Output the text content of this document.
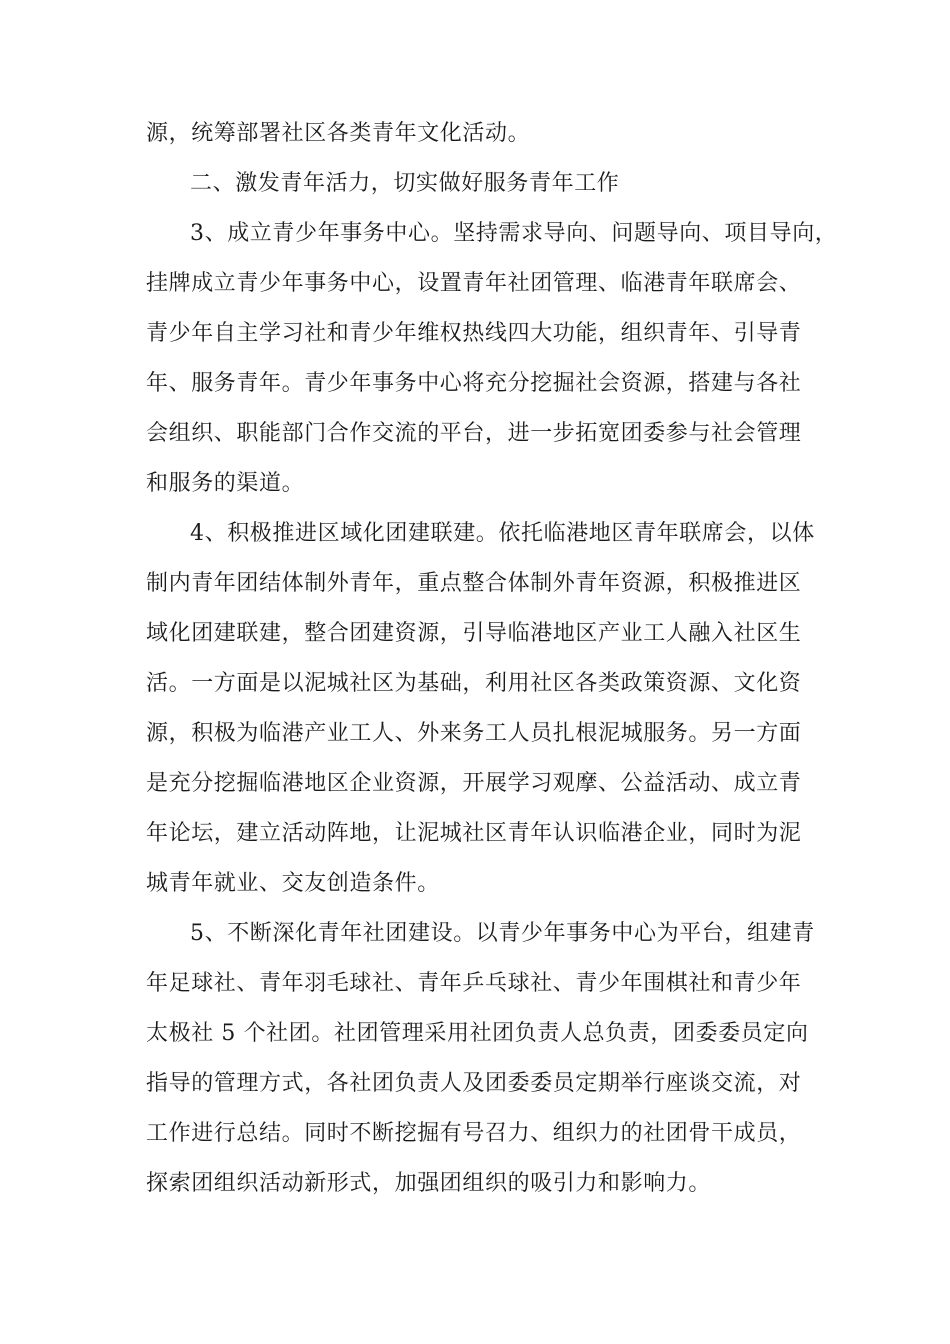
源，统筹部署社区各类青年文化活动。
二、激发青年活力，切实做好服务青年工作
3、成立青少年事务中心。坚持需求导向、问题导向、项目导向，
挂牌成立青少年事务中心，设置青年社团管理、临港青年联席会、
青少年自主学习社和青少年维权热线四大功能，组织青年、引导青
年、服务青年。青少年事务中心将充分挖掘社会资源，搭建与各社
会组织、职能部门合作交流的平台，进一步拓宽团委参与社会管理
和服务的渠道。
4、积极推进区域化团建联建。依托临港地区青年联席会，以体
制内青年团结体制外青年，重点整合体制外青年资源，积极推进区
域化团建联建，整合团建资源，引导临港地区产业工人融入社区生
活。一方面是以泥城社区为基础，利用社区各类政策资源、文化资
源，积极为临港产业工人、外来务工人员扎根泥城服务。另一方面
是充分挖掘临港地区企业资源，开展学习观摩、公益活动、成立青
年论坛，建立活动阵地，让泥城社区青年认识临港企业，同时为泥
城青年就业、交友创造条件。
5、不断深化青年社团建设。以青少年事务中心为平台，组建青
年足球社、青年羽毛球社、青年乒乓球社、青少年围棋社和青少年
太极社 5 个社团。社团管理采用社团负责人总负责，团委委员定向
指导的管理方式，各社团负责人及团委委员定期举行座谈交流，对
工作进行总结。同时不断挖掘有号召力、组织力的社团骨干成员，
探索团组织活动新形式，加强团组织的吸引力和影响力。
